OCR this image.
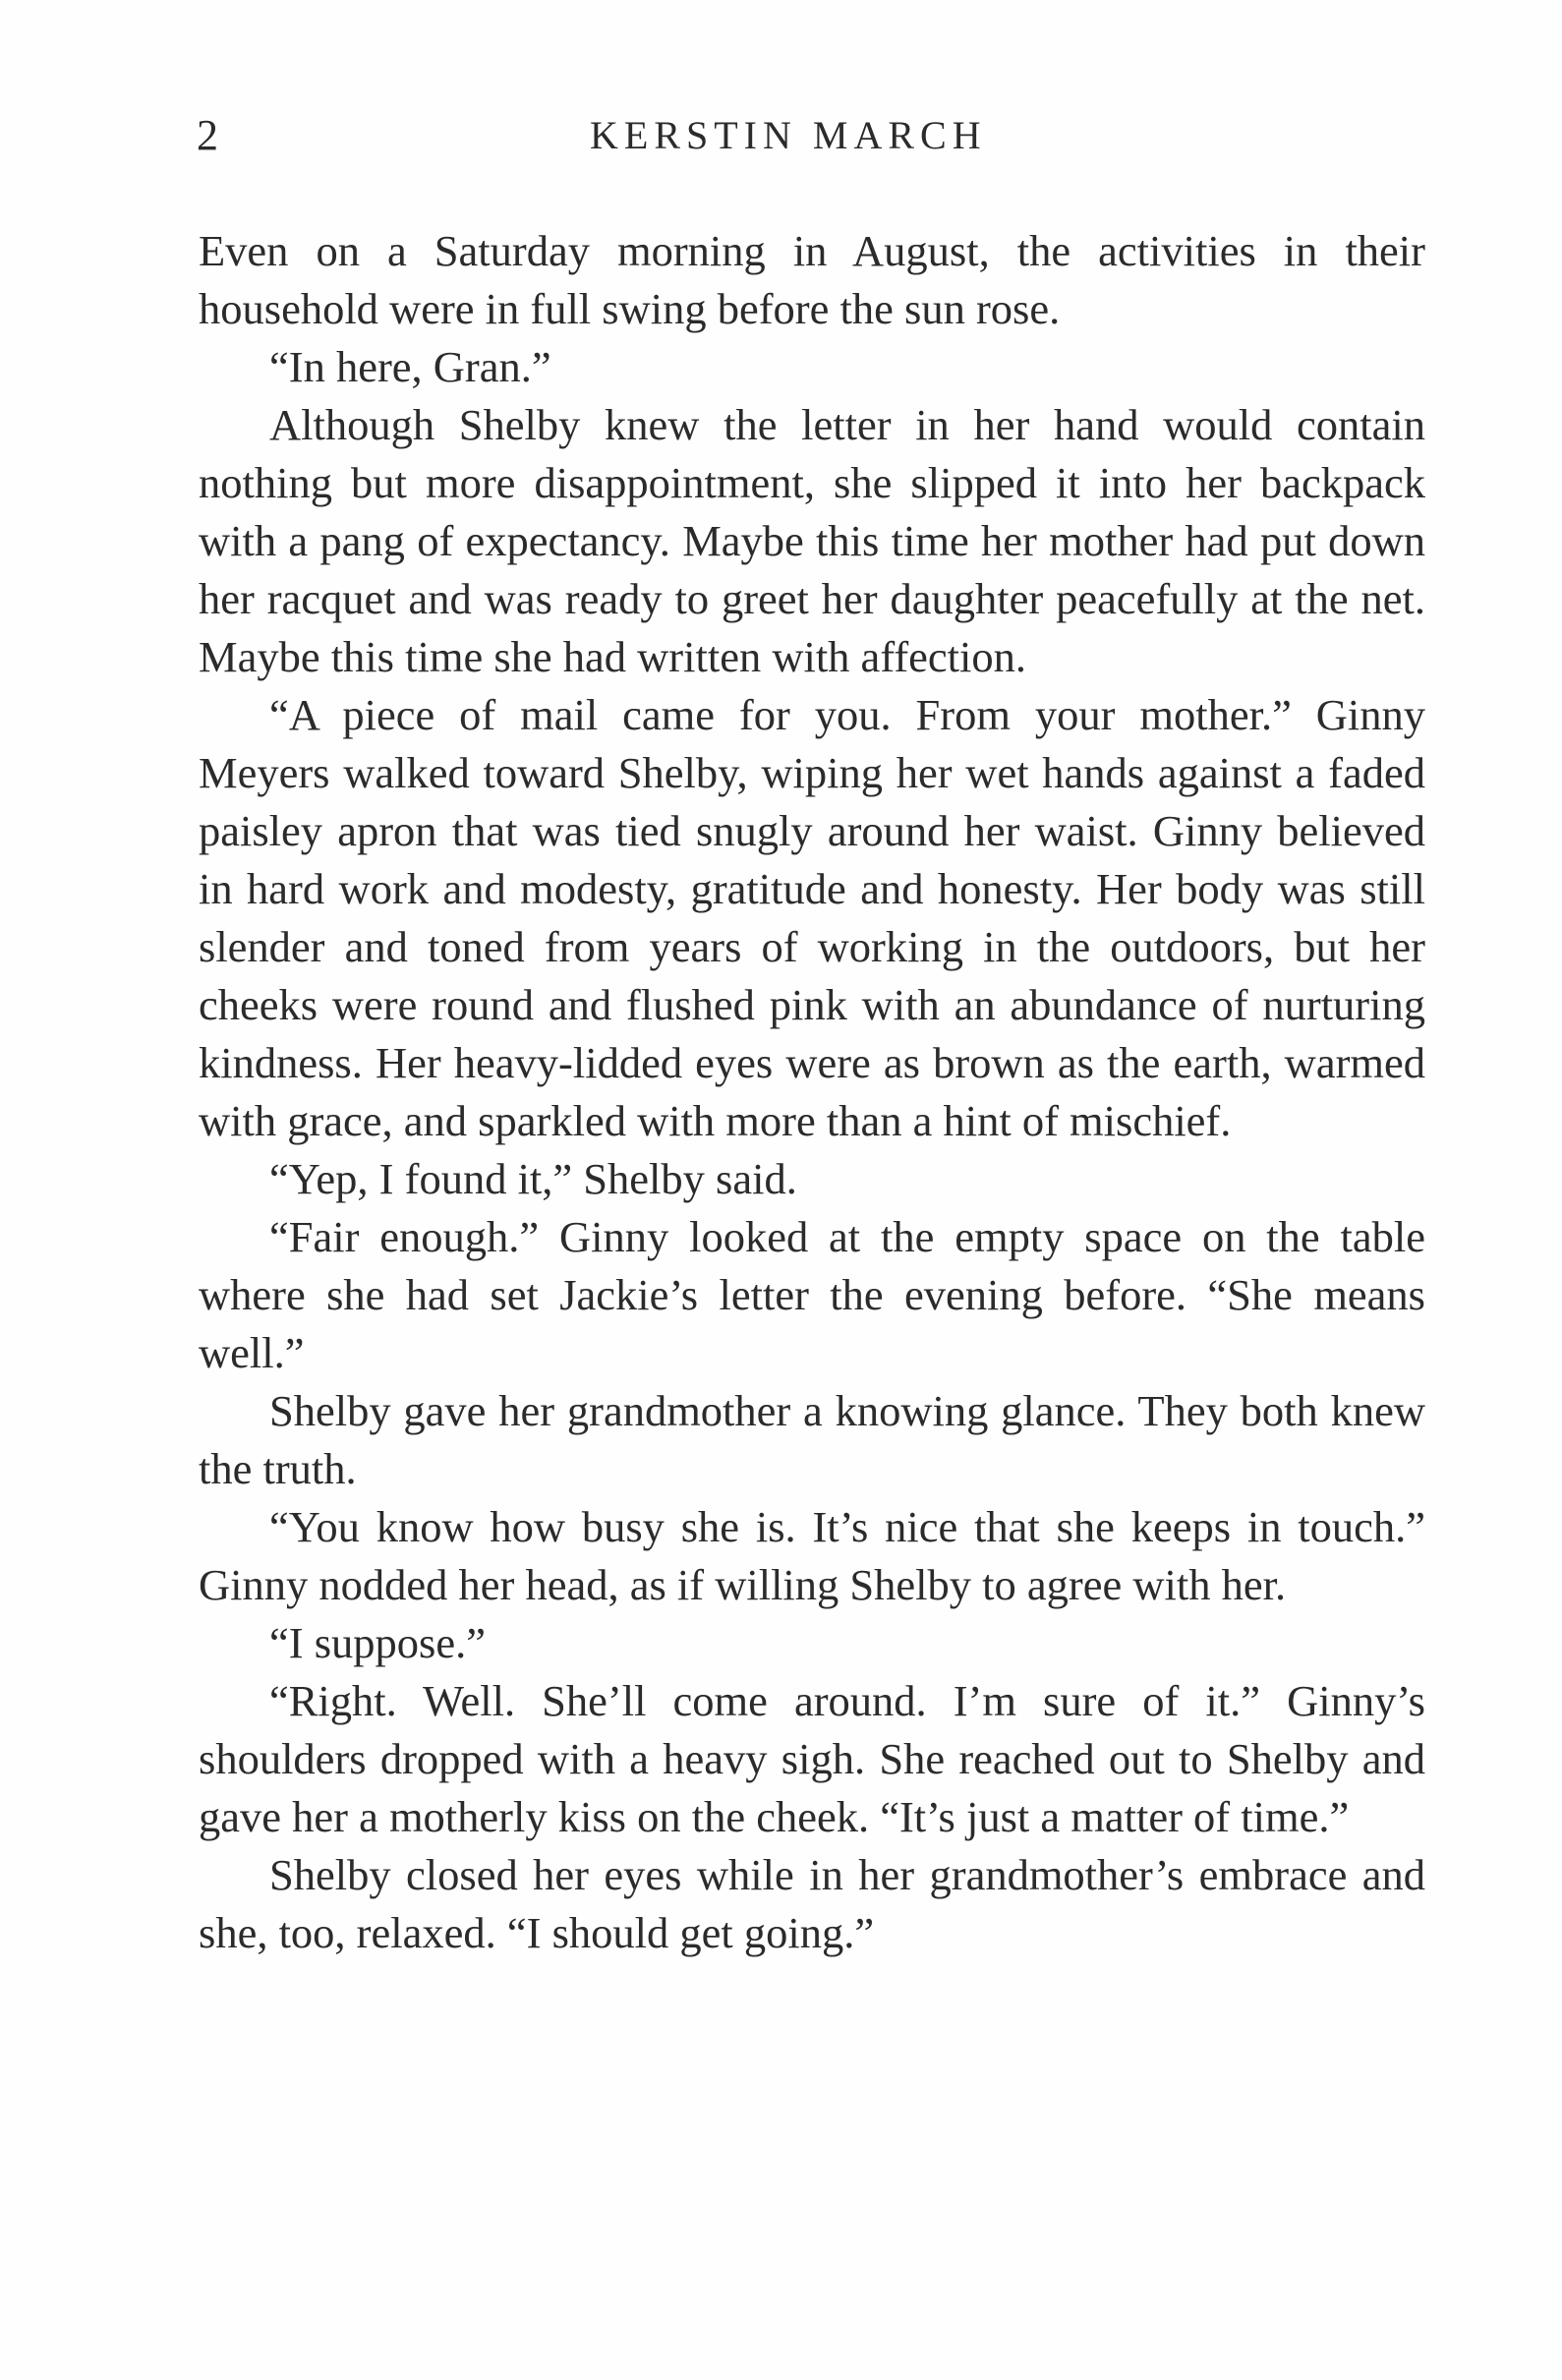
2	KERSTIN MARCH

Even on a Saturday morning in August, the activities in their household were in full swing before the sun rose.

“In here, Gran.”

Although Shelby knew the letter in her hand would contain nothing but more disappointment, she slipped it into her backpack with a pang of expectancy. Maybe this time her mother had put down her racquet and was ready to greet her daughter peacefully at the net. Maybe this time she had written with affection.

“A piece of mail came for you. From your mother.” Ginny Meyers walked toward Shelby, wiping her wet hands against a faded paisley apron that was tied snugly around her waist. Ginny believed in hard work and modesty, gratitude and honesty. Her body was still slender and toned from years of working in the outdoors, but her cheeks were round and flushed pink with an abundance of nurturing kindness. Her heavy-lidded eyes were as brown as the earth, warmed with grace, and sparkled with more than a hint of mischief.

“Yep, I found it,” Shelby said.

“Fair enough.” Ginny looked at the empty space on the table where she had set Jackie’s letter the evening before. “She means well.”

Shelby gave her grandmother a knowing glance. They both knew the truth.

“You know how busy she is. It’s nice that she keeps in touch.” Ginny nodded her head, as if willing Shelby to agree with her.

“I suppose.”

“Right. Well. She’ll come around. I’m sure of it.” Ginny’s shoulders dropped with a heavy sigh. She reached out to Shelby and gave her a motherly kiss on the cheek. “It’s just a matter of time.”

Shelby closed her eyes while in her grandmother’s embrace and she, too, relaxed. “I should get going.”
